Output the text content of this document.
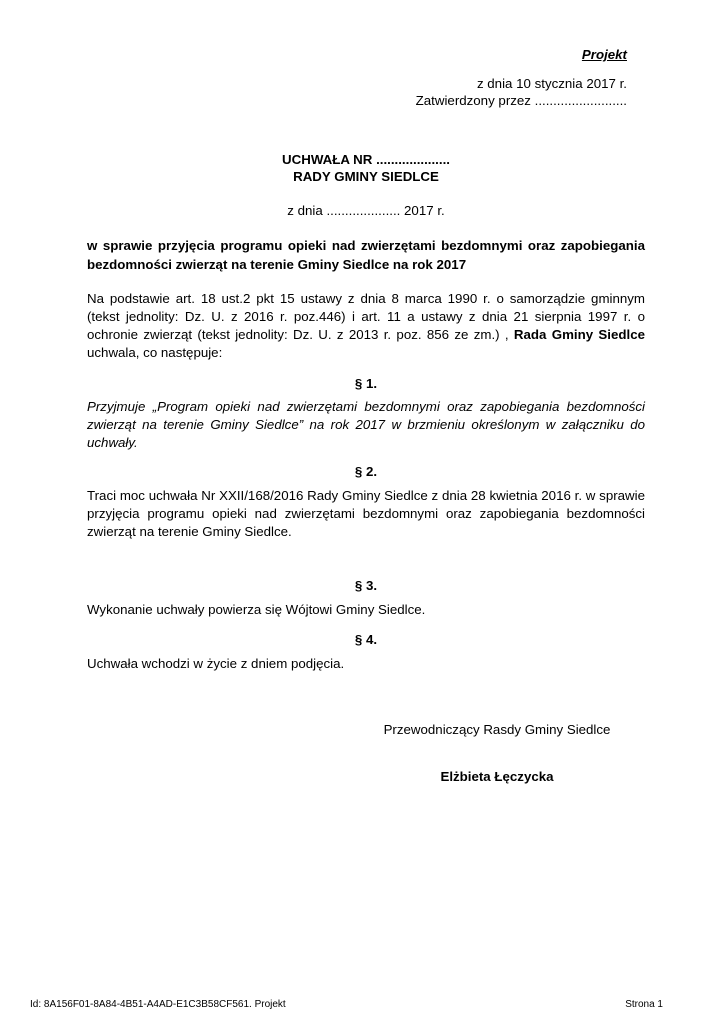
Projekt
z dnia 10 stycznia 2017 r.
Zatwierdzony przez .........................
UCHWAŁA NR ....................
RADY GMINY SIEDLCE
z dnia .................... 2017 r.
w sprawie przyjęcia programu opieki nad zwierzętami bezdomnymi oraz zapobiegania bezdomności zwierząt na terenie Gminy Siedlce na rok 2017

Na podstawie art. 18 ust.2 pkt 15 ustawy z dnia 8 marca 1990 r. o samorządzie gminnym (tekst jednolity: Dz. U. z 2016 r. poz.446) i art. 11 a ustawy z dnia 21 sierpnia 1997 r. o ochronie zwierząt (tekst jednolity: Dz. U. z 2013 r. poz. 856 ze zm.) , Rada Gminy Siedlce uchwala, co następuje:

§ 1.
Przyjmuje „Program opieki nad zwierzętami bezdomnymi oraz zapobiegania bezdomności zwierząt na terenie Gminy Siedlce” na rok 2017 w brzmieniu określonym w załączniku do uchwały.
§ 2.
Traci moc uchwała Nr XXII/168/2016 Rady Gminy Siedlce z dnia 28 kwietnia 2016 r. w sprawie przyjęcia programu opieki nad zwierzętami bezdomnymi oraz zapobiegania bezdomności zwierząt na terenie Gminy Siedlce.
§ 3.
Wykonanie uchwały powierza się Wójtowi Gminy Siedlce.
§ 4.
Uchwała wchodzi w życie z dniem podjęcia.
Przewodniczący Rasdy Gminy Siedlce
Elżbieta Łęczycka
Id: 8A156F01-8A84-4B51-A4AD-E1C3B58CF561. Projekt	Strona 1
